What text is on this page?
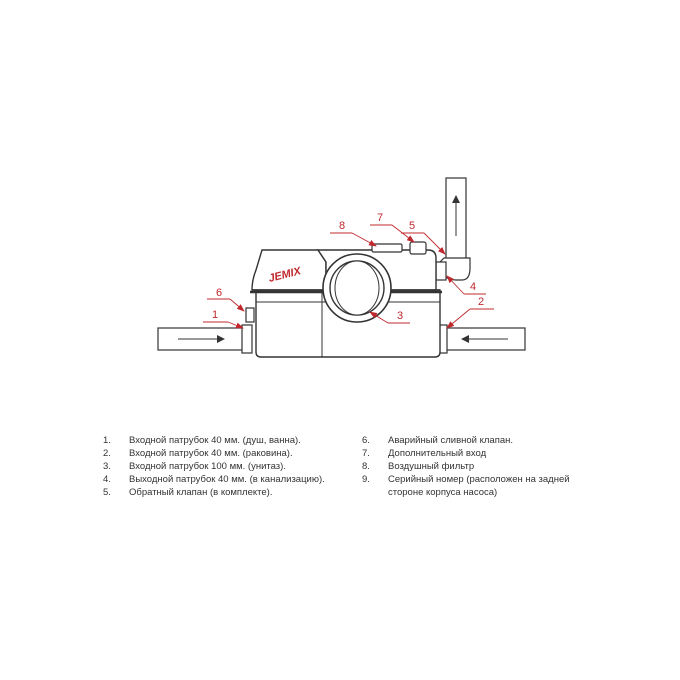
JEMIX
1
6
8
7
5
4
2
3
1.	Входной патрубок 40 мм. (душ, ванна).
2.	Входной патрубок 40 мм. (раковина).
3.	Входной патрубок 100 мм. (унитаз).
4.	Выходной патрубок 40 мм. (в канализацию).
5.	Обратный клапан (в комплекте).
6.	Аварийный сливной клапан.
7.	Дополнительный вход
8.	Воздушный фильтр
9.	Серийный номер (расположен на задней стороне корпуса насоса)
